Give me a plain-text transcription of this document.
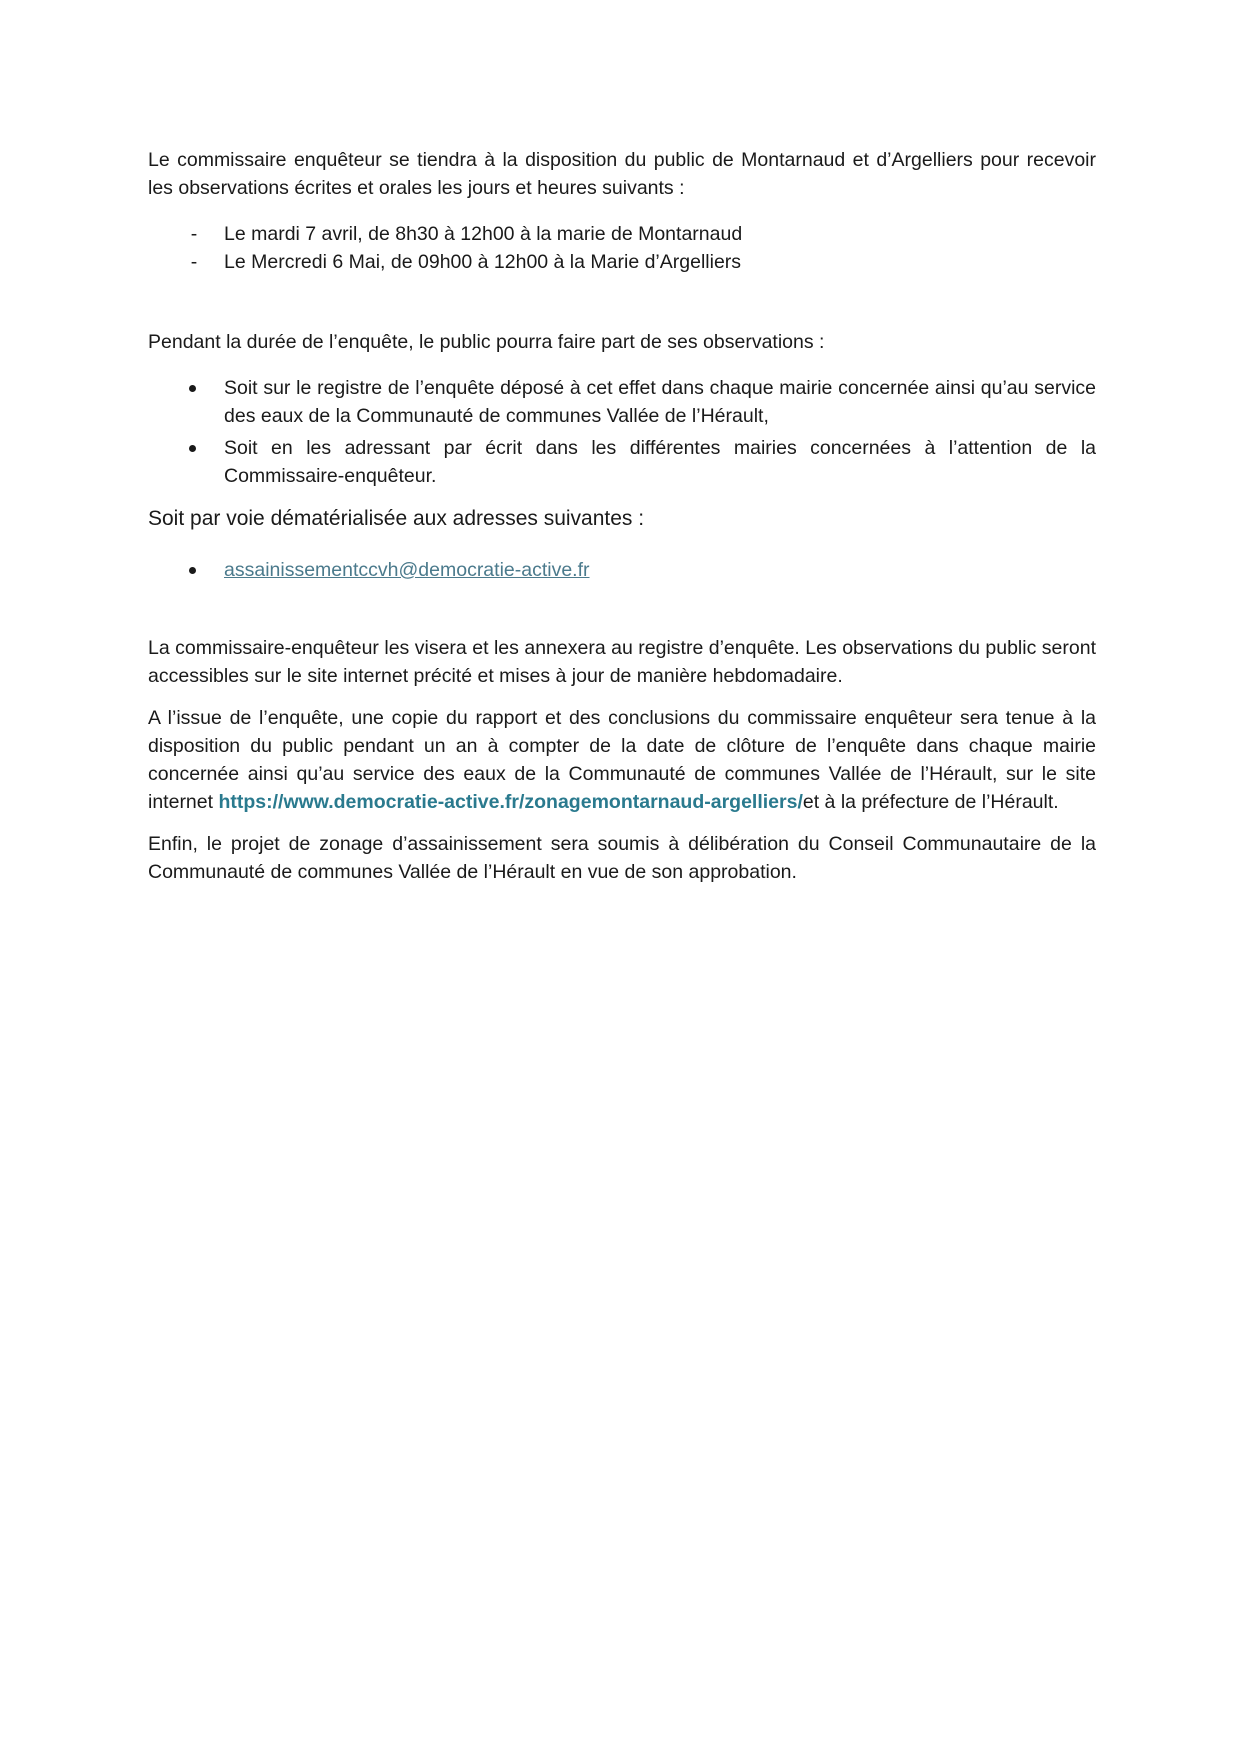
Le commissaire enquêteur se tiendra à la disposition du public de Montarnaud et d’Argelliers pour recevoir les observations écrites et orales les jours et heures suivants :

- Le mardi 7 avril, de 8h30 à 12h00 à la marie de Montarnaud
- Le Mercredi 6 Mai, de 09h00 à 12h00 à la Marie d’Argelliers

Pendant la durée de l’enquête, le public pourra faire part de ses observations :

Soit sur le registre de l’enquête déposé à cet effet dans chaque mairie concernée ainsi qu’au service des eaux de la Communauté de communes Vallée de l’Hérault,
Soit en les adressant par écrit dans les différentes mairies concernées à l’attention de la Commissaire-enquêteur.

Soit par voie dématérialisée aux adresses suivantes :

assainissementccvh@democratie-active.fr

La commissaire-enquêteur les visera et les annexera au registre d’enquête. Les observations du public seront accessibles sur le site internet précité et mises à jour de manière hebdomadaire.

A l’issue de l’enquête, une copie du rapport et des conclusions du commissaire enquêteur sera tenue à la disposition du public pendant un an à compter de la date de clôture de l’enquête dans chaque mairie concernée ainsi qu’au service des eaux de la Communauté de communes Vallée de l’Hérault, sur le site internet https://www.democratie-active.fr/zonagemontarnaud-argelliers/et à la préfecture de l’Hérault.

Enfin, le projet de zonage d’assainissement sera soumis à délibération du Conseil Communautaire de la Communauté de communes Vallée de l’Hérault en vue de son approbation.
